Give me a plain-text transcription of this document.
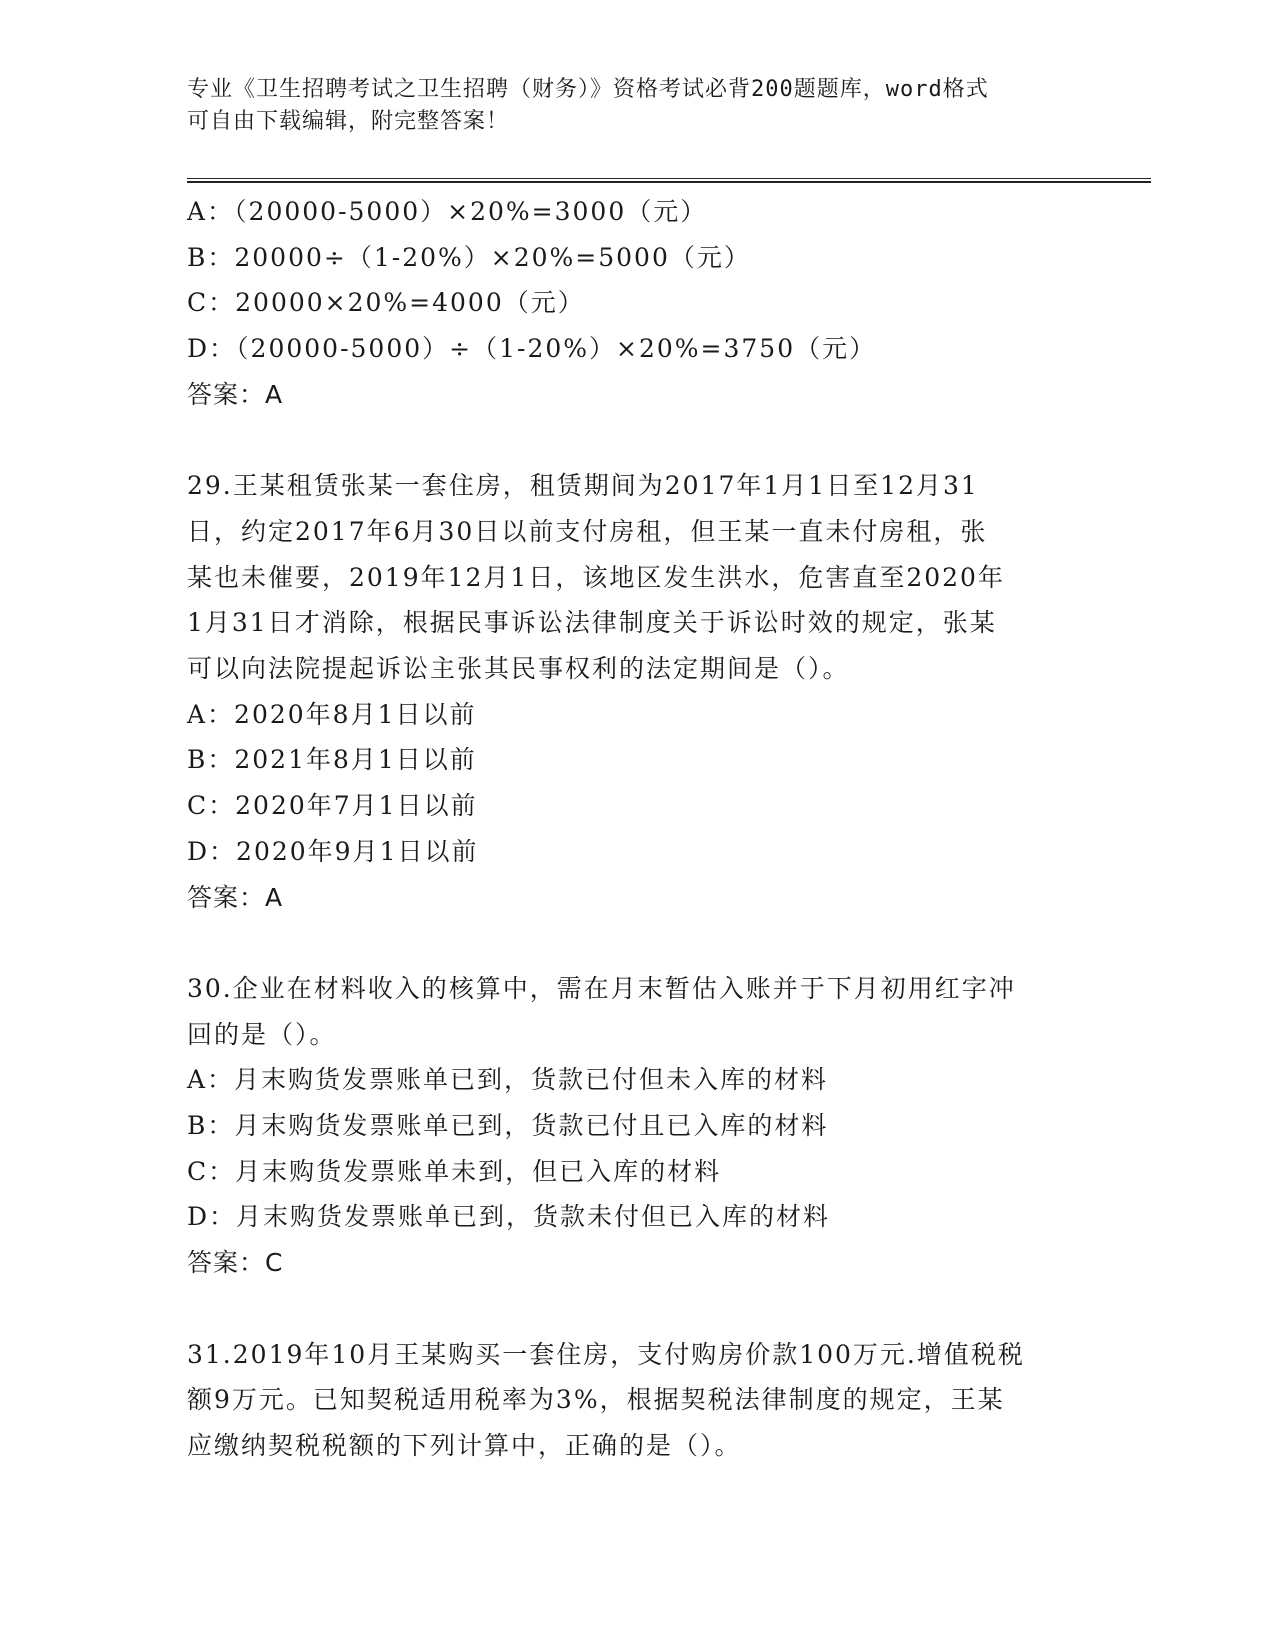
专业《卫生招聘考试之卫生招聘（财务）》资格考试必背200题题库，word格式
可自由下载编辑，附完整答案！
A：（20000-5000）×20%=3000（元）
B：20000÷（1-20%）×20%=5000（元）
C：20000×20%=4000（元）
D：（20000-5000）÷（1-20%）×20%=3750（元）
答案：A
29.王某租赁张某一套住房，租赁期间为2017年1月1日至12月31
日，约定2017年6月30日以前支付房租，但王某一直未付房租，张
某也未催要，2019年12月1日，该地区发生洪水，危害直至2020年
1月31日才消除，根据民事诉讼法律制度关于诉讼时效的规定，张某
可以向法院提起诉讼主张其民事权利的法定期间是（）。
A：2020年8月1日以前
B：2021年8月1日以前
C：2020年7月1日以前
D：2020年9月1日以前
答案：A
30.企业在材料收入的核算中，需在月末暂估入账并于下月初用红字冲
回的是（）。
A：月末购货发票账单已到，货款已付但未入库的材料
B：月末购货发票账单已到，货款已付且已入库的材料
C：月末购货发票账单未到，但已入库的材料
D：月末购货发票账单已到，货款未付但已入库的材料
答案：C
31.2019年10月王某购买一套住房，支付购房价款100万元.增值税税
额9万元。已知契税适用税率为3%，根据契税法律制度的规定，王某
应缴纳契税税额的下列计算中，正确的是（）。
